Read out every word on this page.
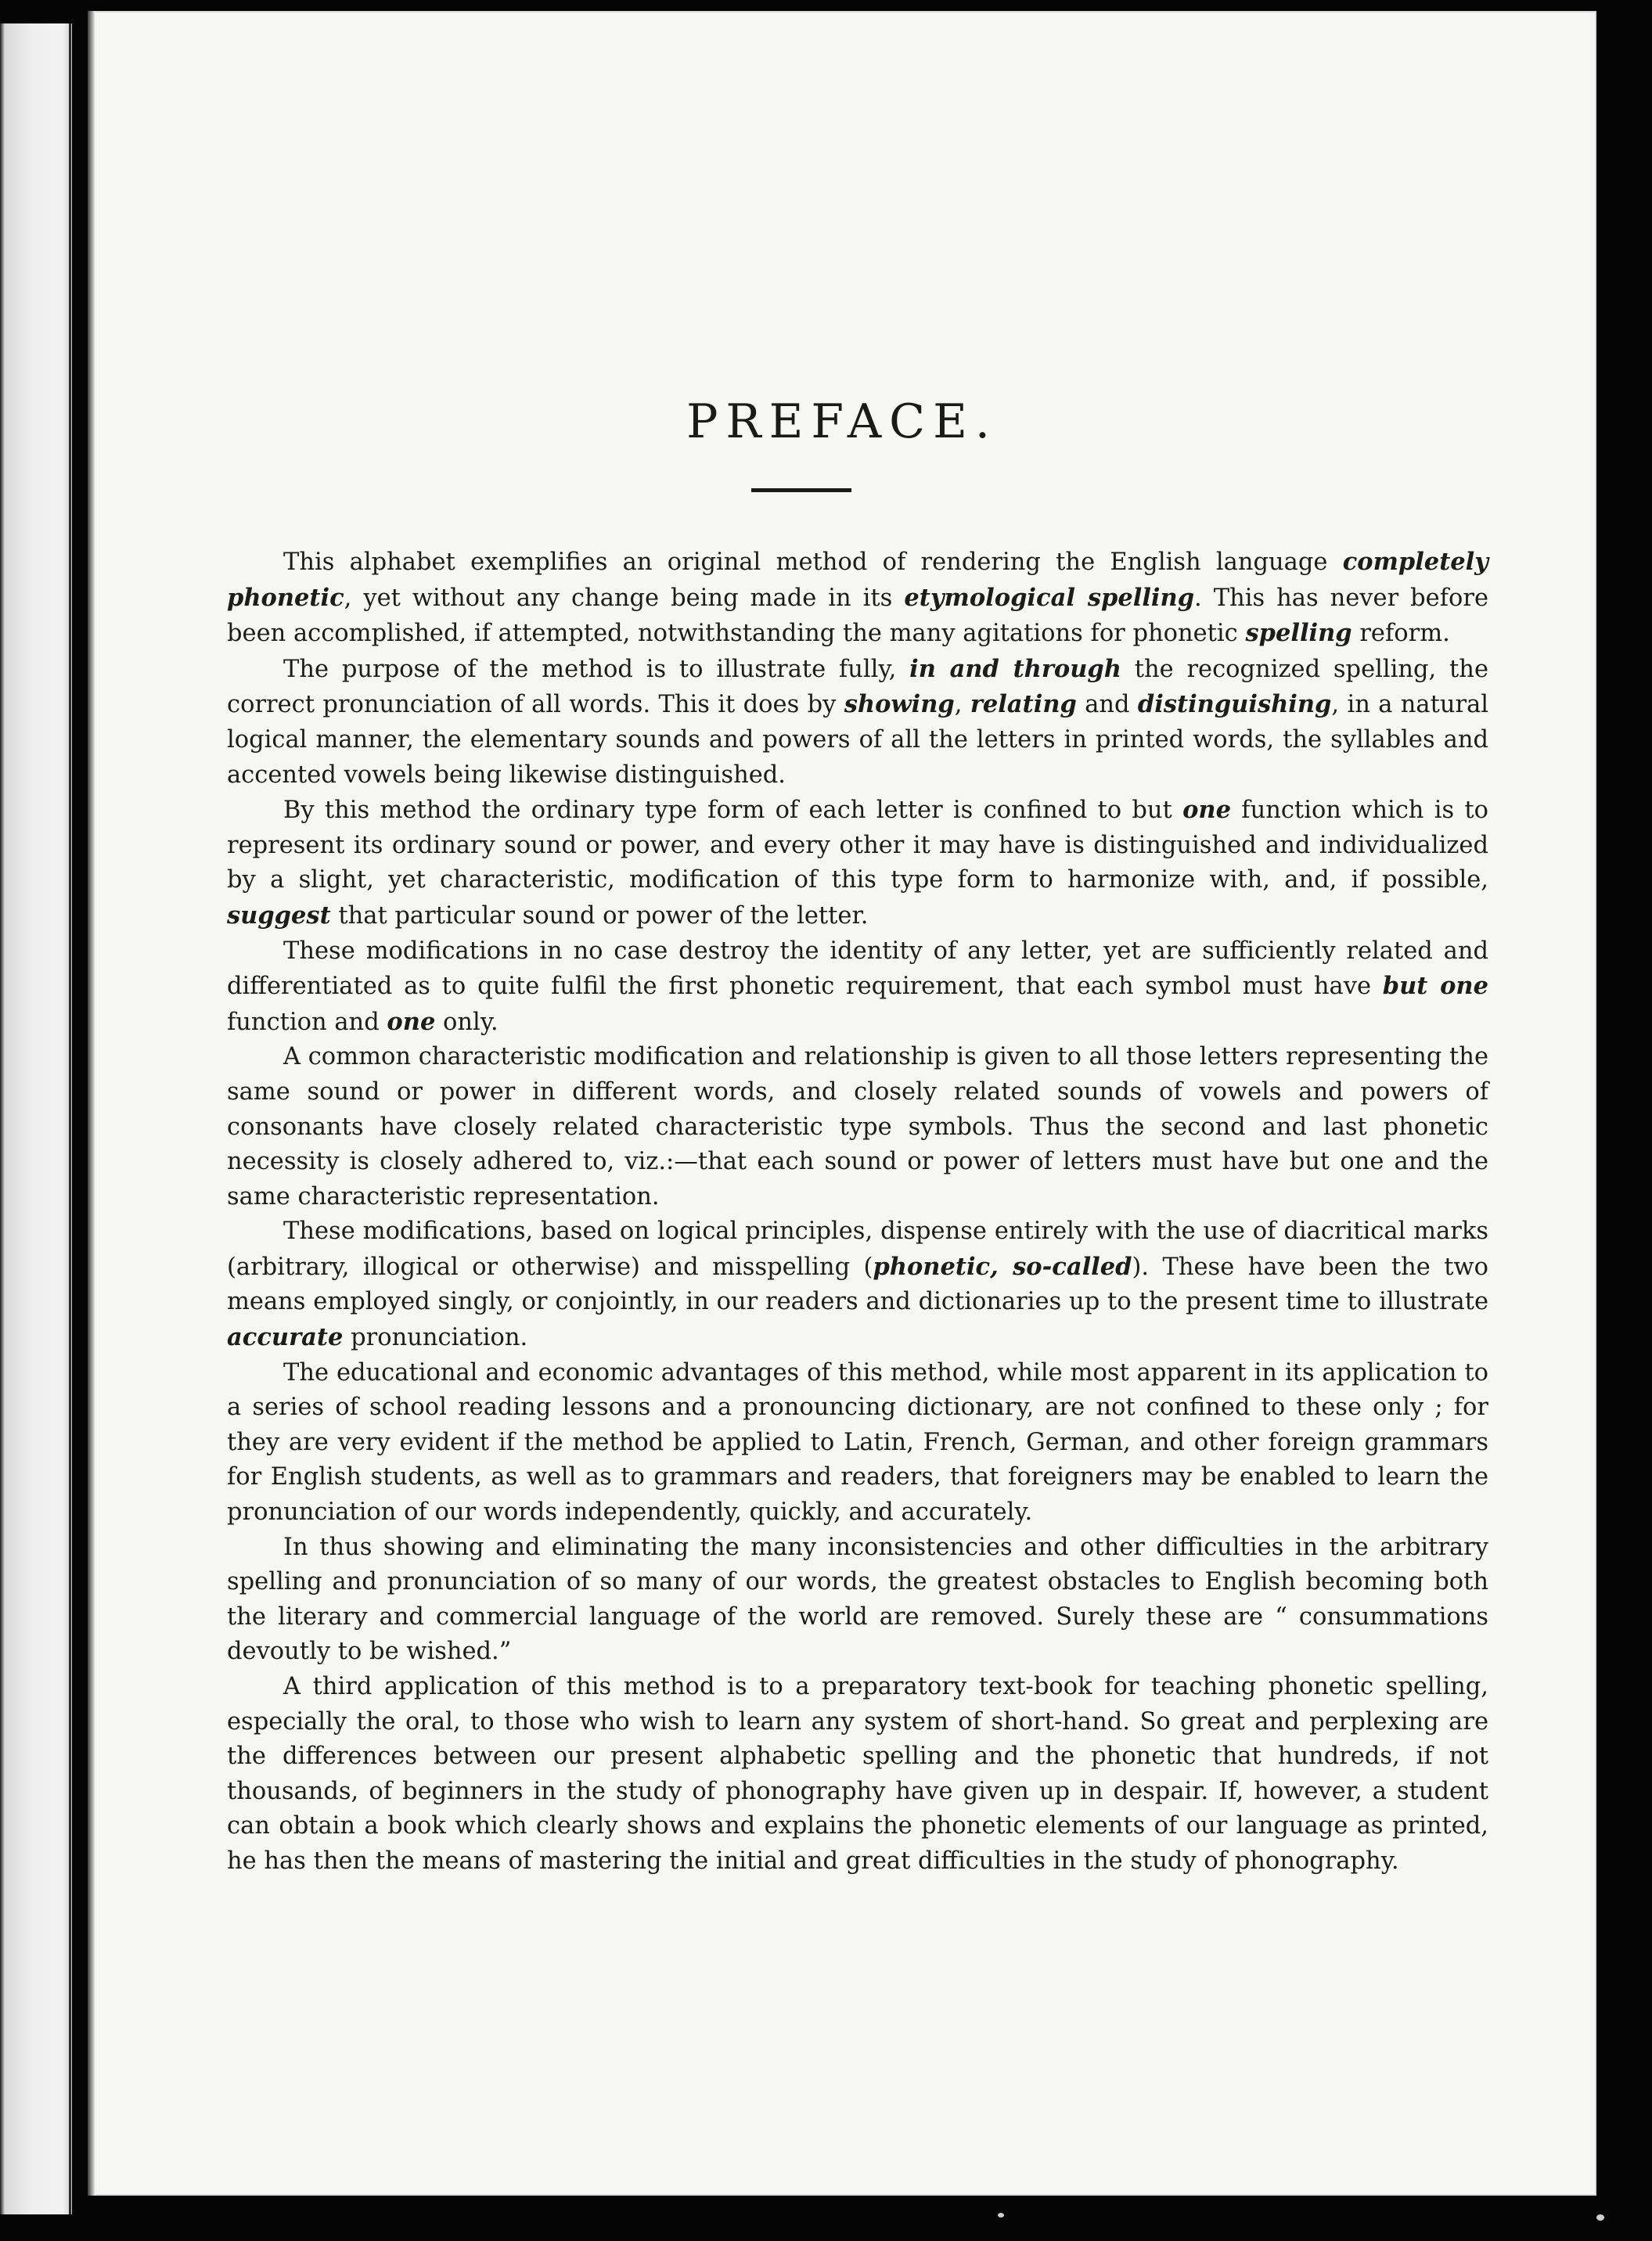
PREFACE.

This alphabet exemplifies an original method of rendering the English language completely phonetic, yet without any change being made in its etymological spelling. This has never before been accomplished, if attempted, notwithstanding the many agitations for phonetic spelling reform.

The purpose of the method is to illustrate fully, in and through the recognized spelling, the correct pronunciation of all words. This it does by showing, relating and distinguishing, in a natural logical manner, the elementary sounds and powers of all the letters in printed words, the syllables and accented vowels being likewise distinguished.

By this method the ordinary type form of each letter is confined to but one function which is to represent its ordinary sound or power, and every other it may have is distinguished and individualized by a slight, yet characteristic, modification of this type form to harmonize with, and, if possible, suggest that particular sound or power of the letter.

These modifications in no case destroy the identity of any letter, yet are sufficiently related and differentiated as to quite fulfil the first phonetic requirement, that each symbol must have but one function and one only.

A common characteristic modification and relationship is given to all those letters representing the same sound or power in different words, and closely related sounds of vowels and powers of consonants have closely related characteristic type symbols. Thus the second and last phonetic necessity is closely adhered to, viz.:—that each sound or power of letters must have but one and the same characteristic representation.

These modifications, based on logical principles, dispense entirely with the use of diacritical marks (arbitrary, illogical or otherwise) and misspelling (phonetic, so-called). These have been the two means employed singly, or conjointly, in our readers and dictionaries up to the present time to illustrate accurate pronunciation.

The educational and economic advantages of this method, while most apparent in its application to a series of school reading lessons and a pronouncing dictionary, are not confined to these only ; for they are very evident if the method be applied to Latin, French, German, and other foreign grammars for English students, as well as to grammars and readers, that foreigners may be enabled to learn the pronunciation of our words independently, quickly, and accurately.

In thus showing and eliminating the many inconsistencies and other difficulties in the arbitrary spelling and pronunciation of so many of our words, the greatest obstacles to English becoming both the literary and commercial language of the world are removed. Surely these are “ consummations devoutly to be wished.”

A third application of this method is to a preparatory text-book for teaching phonetic spelling, especially the oral, to those who wish to learn any system of short-hand. So great and perplexing are the differences between our present alphabetic spelling and the phonetic that hundreds, if not thousands, of beginners in the study of phonography have given up in despair. If, however, a student can obtain a book which clearly shows and explains the phonetic elements of our language as printed, he has then the means of mastering the initial and great difficulties in the study of phonography.
